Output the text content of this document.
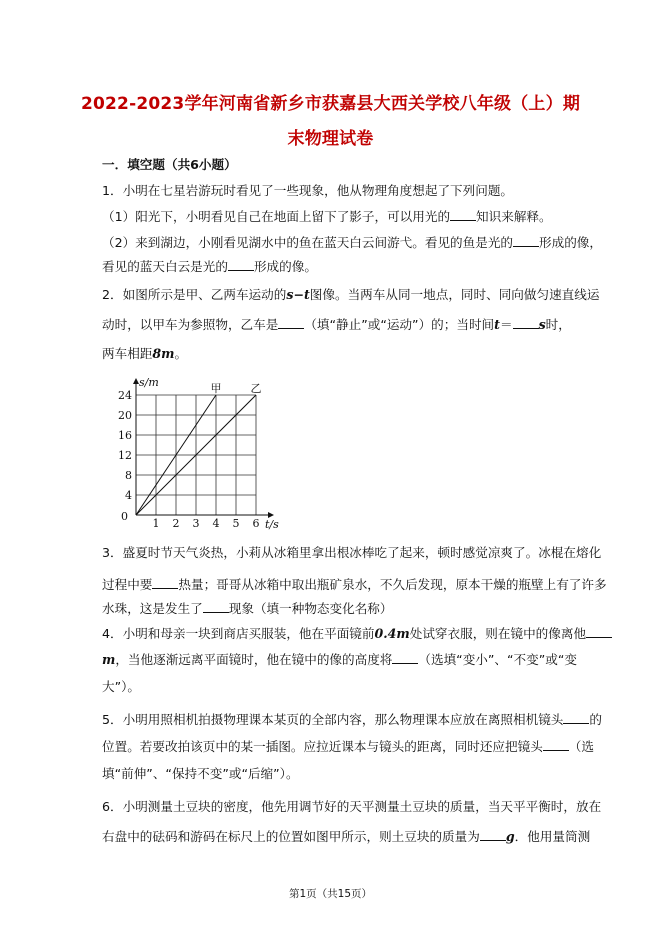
2022-2023学年河南省新乡市获嘉县大西关学校八年级（上）期
末物理试卷
一．填空题（共6小题）
1．小明在七星岩游玩时看见了一些现象，他从物理角度想起了下列问题。
（1）阳光下，小明看见自己在地面上留下了影子，可以用光的 知识来解释。
（2）来到湖边，小刚看见湖水中的鱼在蓝天白云间游弋。看见的鱼是光的 形成的像，
看见的蓝天白云是光的 形成的像。
2．如图所示是甲、乙两车运动的s−t图像。当两车从同一地点，同时、同向做匀速直线运
动时，以甲车为参照物，乙车是 （填“静止”或“运动”）的；当时间t＝ s时，
两车相距8m。
1 2 3 4 5 6
4
8
12
16
20
24
甲	乙
s/m
t/s
0
3．盛夏时节天气炎热，小莉从冰箱里拿出根冰棒吃了起来，顿时感觉凉爽了。冰棍在熔化
过程中要 热量；哥哥从冰箱中取出瓶矿泉水，不久后发现，原本干燥的瓶壁上有了许多
水珠，这是发生了 现象（填一种物态变化名称）
4．小明和母亲一块到商店买服装，他在平面镜前0.4m处试穿衣服，则在镜中的像离他
m，当他逐渐远离平面镜时，他在镜中的像的高度将 （选填“变小”、“不变”或“变
大”）。
5．小明用照相机拍摄物理课本某页的全部内容，那么物理课本应放在离照相机镜头 的
位置。若要改拍该页中的某一插图。应拉近课本与镜头的距离，同时还应把镜头 （选
填“前伸”、“保持不变”或“后缩”）。
6．小明测量土豆块的密度，他先用调节好的天平测量土豆块的质量，当天平平衡时，放在
右盘中的砝码和游码在标尺上的位置如图甲所示，则土豆块的质量为 g．他用量筒测
第1页（共15页）
